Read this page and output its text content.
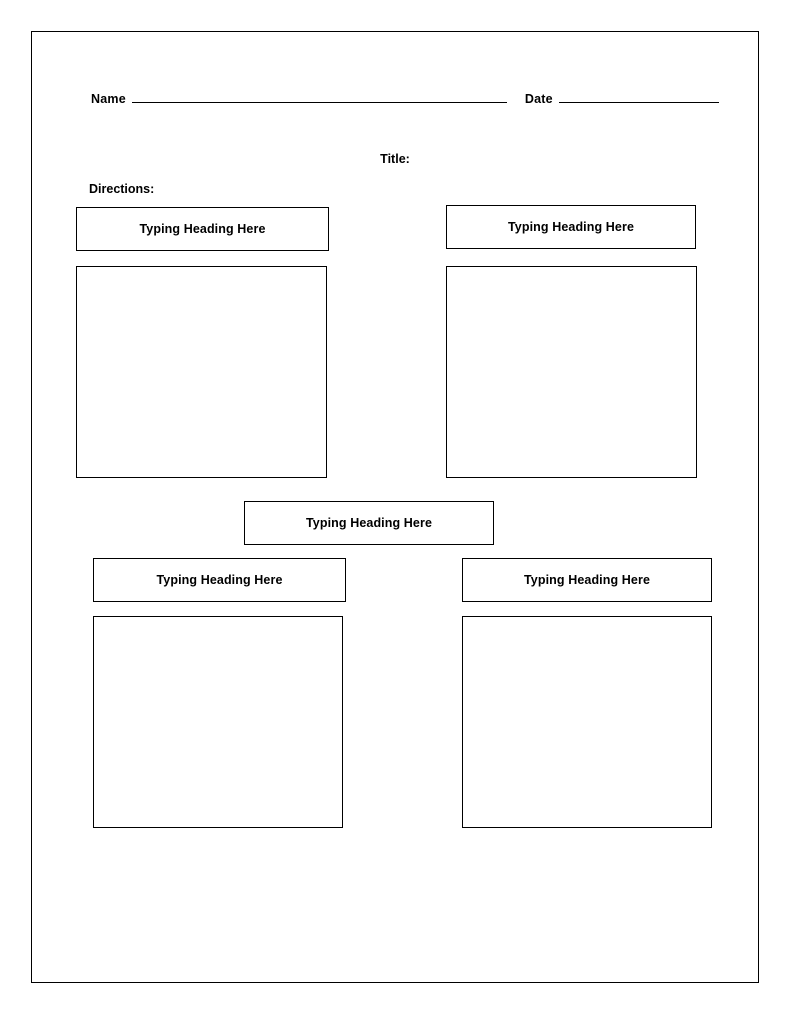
Name	Date
Title:
Directions:
Typing Heading Here	Typing Heading Here
Typing Heading Here
Typing Heading Here	Typing Heading Here
